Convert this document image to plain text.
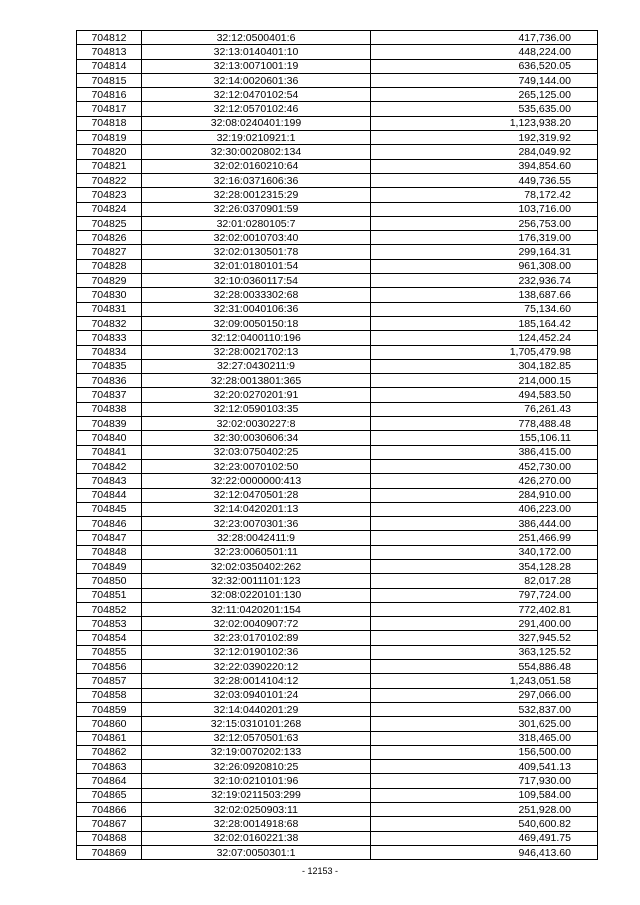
704812	32:12:0500401:6	417,736.00
704813	32:13:0140401:10	448,224.00
704814	32:13:0071001:19	636,520.05
704815	32:14:0020601:36	749,144.00
704816	32:12:0470102:54	265,125.00
704817	32:12:0570102:46	535,635.00
704818	32:08:0240401:199	1,123,938.20
704819	32:19:0210921:1	192,319.92
704820	32:30:0020802:134	284,049.92
704821	32:02:0160210:64	394,854.60
704822	32:16:0371606:36	449,736.55
704823	32:28:0012315:29	78,172.42
704824	32:26:0370901:59	103,716.00
704825	32:01:0280105:7	256,753.00
704826	32:02:0010703:40	176,319.00
704827	32:02:0130501:78	299,164.31
704828	32:01:0180101:54	961,308.00
704829	32:10:0360117:54	232,936.74
704830	32:28:0033302:68	138,687.66
704831	32:31:0040106:36	75,134.60
704832	32:09:0050150:18	185,164.42
704833	32:12:0400110:196	124,452.24
704834	32:28:0021702:13	1,705,479.98
704835	32:27:0430211:9	304,182.85
704836	32:28:0013801:365	214,000.15
704837	32:20:0270201:91	494,583.50
704838	32:12:0590103:35	76,261.43
704839	32:02:0030227:8	778,488.48
704840	32:30:0030606:34	155,106.11
704841	32:03:0750402:25	386,415.00
704842	32:23:0070102:50	452,730.00
704843	32:22:0000000:413	426,270.00
704844	32:12:0470501:28	284,910.00
704845	32:14:0420201:13	406,223.00
704846	32:23:0070301:36	386,444.00
704847	32:28:0042411:9	251,466.99
704848	32:23:0060501:11	340,172.00
704849	32:02:0350402:262	354,128.28
704850	32:32:0011101:123	82,017.28
704851	32:08:0220101:130	797,724.00
704852	32:11:0420201:154	772,402.81
704853	32:02:0040907:72	291,400.00
704854	32:23:0170102:89	327,945.52
704855	32:12:0190102:36	363,125.52
704856	32:22:0390220:12	554,886.48
704857	32:28:0014104:12	1,243,051.58
704858	32:03:0940101:24	297,066.00
704859	32:14:0440201:29	532,837.00
704860	32:15:0310101:268	301,625.00
704861	32:12:0570501:63	318,465.00
704862	32:19:0070202:133	156,500.00
704863	32:26:0920810:25	409,541.13
704864	32:10:0210101:96	717,930.00
704865	32:19:0211503:299	109,584.00
704866	32:02:0250903:11	251,928.00
704867	32:28:0014918:68	540,600.82
704868	32:02:0160221:38	469,491.75
704869	32:07:0050301:1	946,413.60
- 12153 -
